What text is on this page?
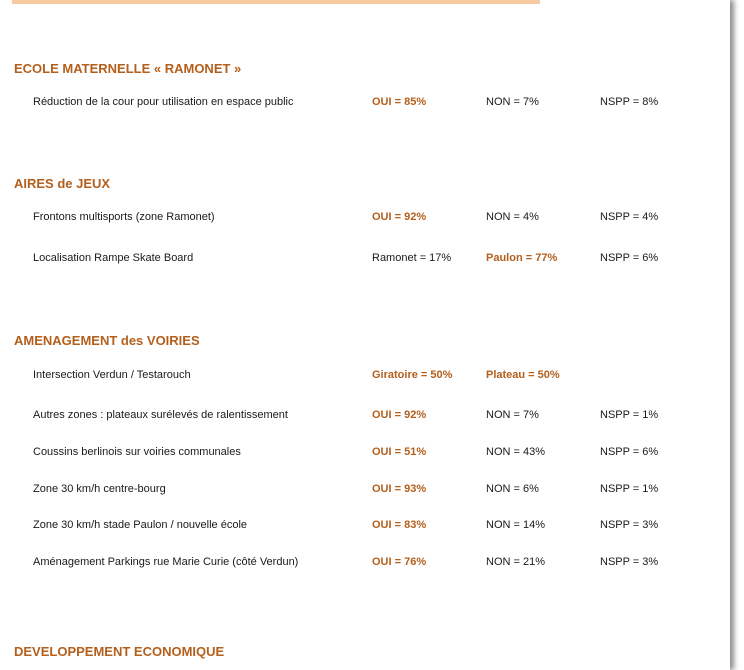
ECOLE MATERNELLE « RAMONET »
Réduction de la cour pour utilisation en espace public	OUI = 85%	NON = 7%	NSPP = 8%
AIRES de JEUX
Frontons multisports (zone Ramonet)	OUI = 92%	NON = 4%	NSPP = 4%
Localisation Rampe Skate Board	Ramonet = 17%	Paulon = 77%	NSPP = 6%
AMENAGEMENT des VOIRIES
Intersection Verdun / Testarouch	Giratoire = 50%	Plateau = 50%
Autres zones : plateaux surélevés de ralentissement	OUI = 92%	NON = 7%	NSPP = 1%
Coussins berlinois sur voiries communales	OUI = 51%	NON = 43%	NSPP = 6%
Zone 30 km/h centre-bourg	OUI = 93%	NON = 6%	NSPP = 1%
Zone 30 km/h stade Paulon / nouvelle école	OUI = 83%	NON = 14%	NSPP = 3%
Aménagement Parkings rue Marie Curie (côté Verdun)	OUI = 76%	NON = 21%	NSPP = 3%
DEVELOPPEMENT ECONOMIQUE
